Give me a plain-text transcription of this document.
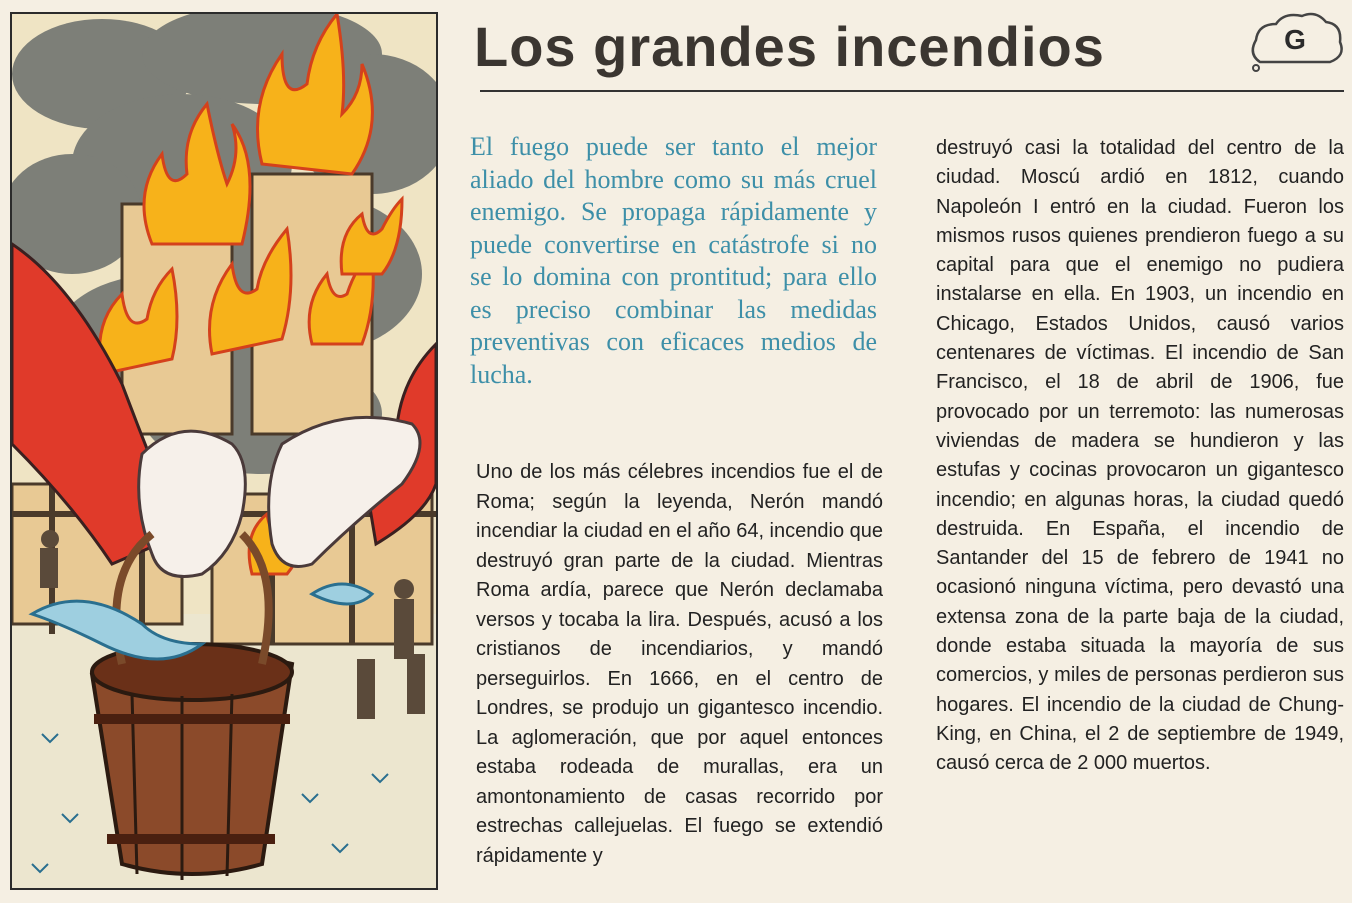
Los grandes incendios	G

El fuego puede ser tanto el mejor aliado del hombre como su más cruel enemigo. Se propaga rápidamente y puede convertirse en catástrofe si no se lo domina con prontitud; para ello es preciso combinar las medidas preventivas con eficaces medios de lucha.

Uno de los más célebres incendios fue el de Roma; según la leyenda, Nerón mandó incendiar la ciudad en el año 64, incendio que destruyó gran parte de la ciudad. Mientras Roma ardía, parece que Nerón declamaba versos y tocaba la lira. Después, acusó a los cristianos de incendiarios, y mandó perseguirlos. En 1666, en el centro de Londres, se produjo un gigantesco incendio. La aglomeración, que por aquel entonces estaba rodeada de murallas, era un amontonamiento de casas recorrido por estrechas callejuelas. El fuego se extendió rápidamente y

destruyó casi la totalidad del centro de la ciudad. Moscú ardió en 1812, cuando Napoleón I entró en la ciudad. Fueron los mismos rusos quienes prendieron fuego a su capital para que el enemigo no pudiera instalarse en ella. En 1903, un incendio en Chicago, Estados Unidos, causó varios centenares de víctimas. El incendio de San Francisco, el 18 de abril de 1906, fue provocado por un terremoto: las numerosas viviendas de madera se hundieron y las estufas y cocinas provocaron un gigantesco incendio; en algunas horas, la ciudad quedó destruida. En España, el incendio de Santander del 15 de febrero de 1941 no ocasionó ninguna víctima, pero devastó una extensa zona de la parte baja de la ciudad, donde estaba situada la mayoría de sus comercios, y miles de personas perdieron sus hogares. El incendio de la ciudad de Chung-King, en China, el 2 de septiembre de 1949, causó cerca de 2 000 muertos.
